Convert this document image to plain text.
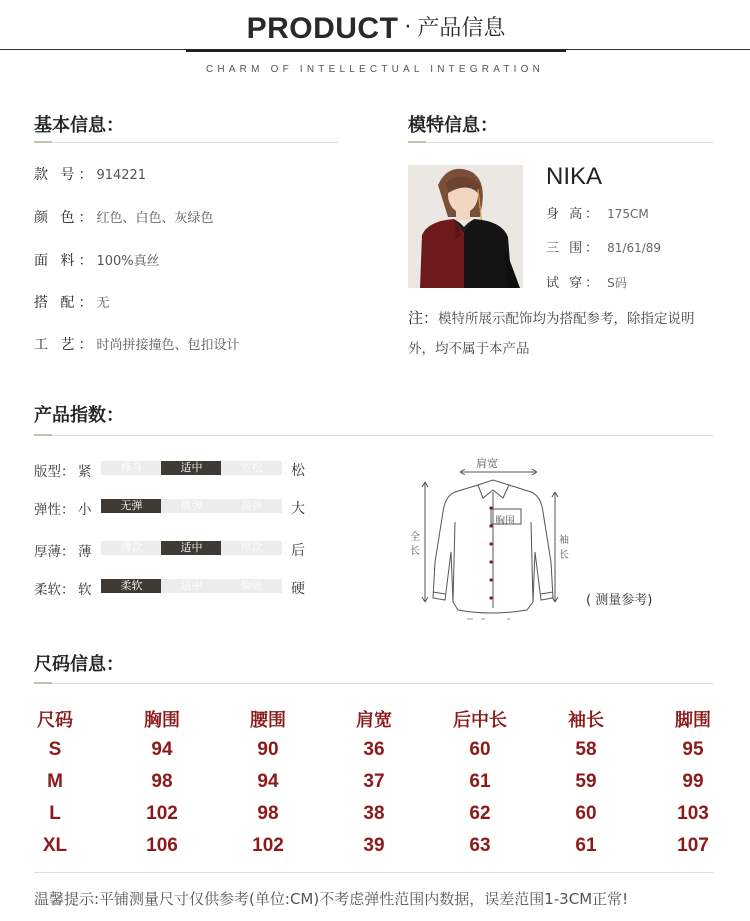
PRODUCT · 产品信息
CHARM OF INTELLECTUAL INTEGRATION
基本信息：
款 号：914221
颜 色：红色、白色、灰绿色
面 料：100%真丝
搭 配：无
工 艺：时尚拼接撞色、包扣设计
模特信息：
NIKA
身 高： 175CM
三 围： 81/61/89
试 穿： S码
注：模特所展示配饰均为搭配参考，除指定说明外，均不属于本产品
产品指数：
版型： 紧	修身	适中	宽松	松
弹性： 小	无弹	微弹	高弹	大
厚薄： 薄	薄款	适中	厚款	后
柔软： 软	柔软	适中	偏硬	硬
肩宽
胸围
全
长
袖
长
( 测量参考)
尺码信息：
尺码	胸围	腰围	肩宽	后中长	袖长	脚围
S	94	90	36	60	58	95
M	98	94	37	61	59	99
L	102	98	38	62	60	103
XL	106	102	39	63	61	107
温馨提示:平铺测量尺寸仅供参考(单位:CM)不考虑弹性范围内数据，误差范围1-3CM正常!
